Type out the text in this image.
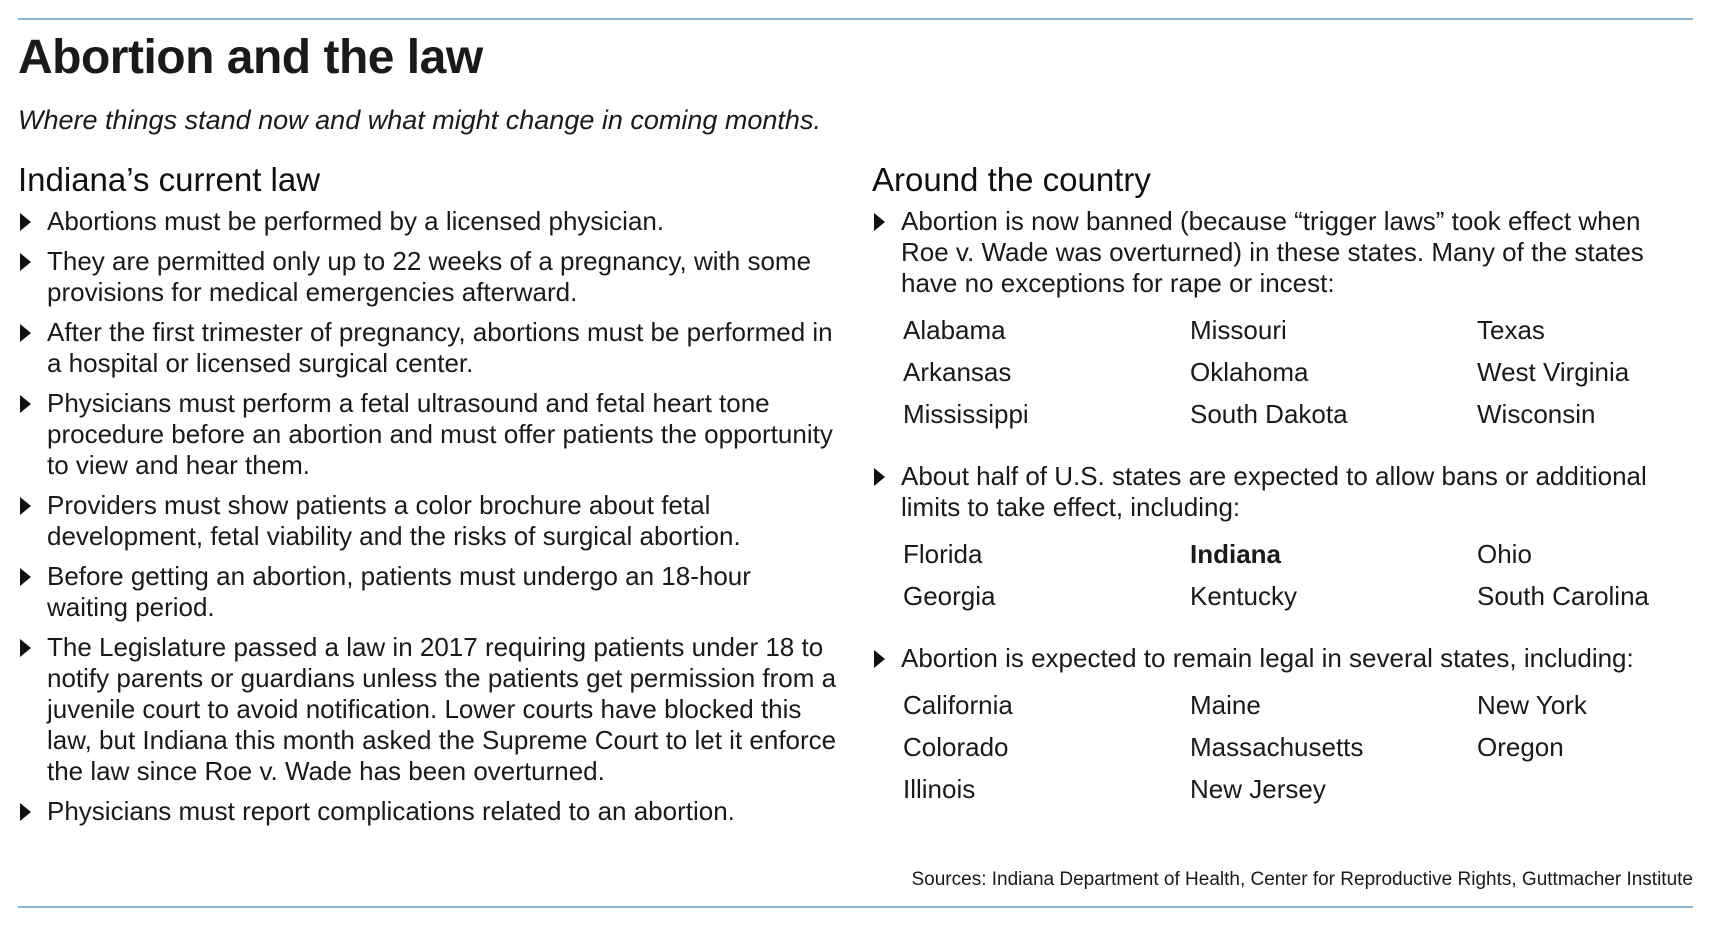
Abortion and the law

Where things stand now and what might change in coming months.

Indiana’s current law
Abortions must be performed by a licensed physician.
They are permitted only up to 22 weeks of a pregnancy, with some provisions for medical emergencies afterward.
After the first trimester of pregnancy, abortions must be performed in a hospital or licensed surgical center.
Physicians must perform a fetal ultrasound and fetal heart tone procedure before an abortion and must offer patients the opportunity to view and hear them.
Providers must show patients a color brochure about fetal development, fetal viability and the risks of surgical abortion.
Before getting an abortion, patients must undergo an 18-hour waiting period.
The Legislature passed a law in 2017 requiring patients under 18 to notify parents or guardians unless the patients get permission from a juvenile court to avoid notification. Lower courts have blocked this law, but Indiana this month asked the Supreme Court to let it enforce the law since Roe v. Wade has been overturned.
Physicians must report complications related to an abortion.
Around the country
Abortion is now banned (because “trigger laws” took effect when Roe v. Wade was overturned) in these states. Many of the states have no exceptions for rape or incest:
Alabama	Missouri	Texas
Arkansas	Oklahoma	West Virginia
Mississippi	South Dakota	Wisconsin
About half of U.S. states are expected to allow bans or additional limits to take effect, including:
Florida	Indiana	Ohio
Georgia	Kentucky	South Carolina
Abortion is expected to remain legal in several states, including:
California	Maine	New York
Colorado	Massachusetts	Oregon
Illinois	New Jersey

Sources: Indiana Department of Health, Center for Reproductive Rights, Guttmacher Institute
